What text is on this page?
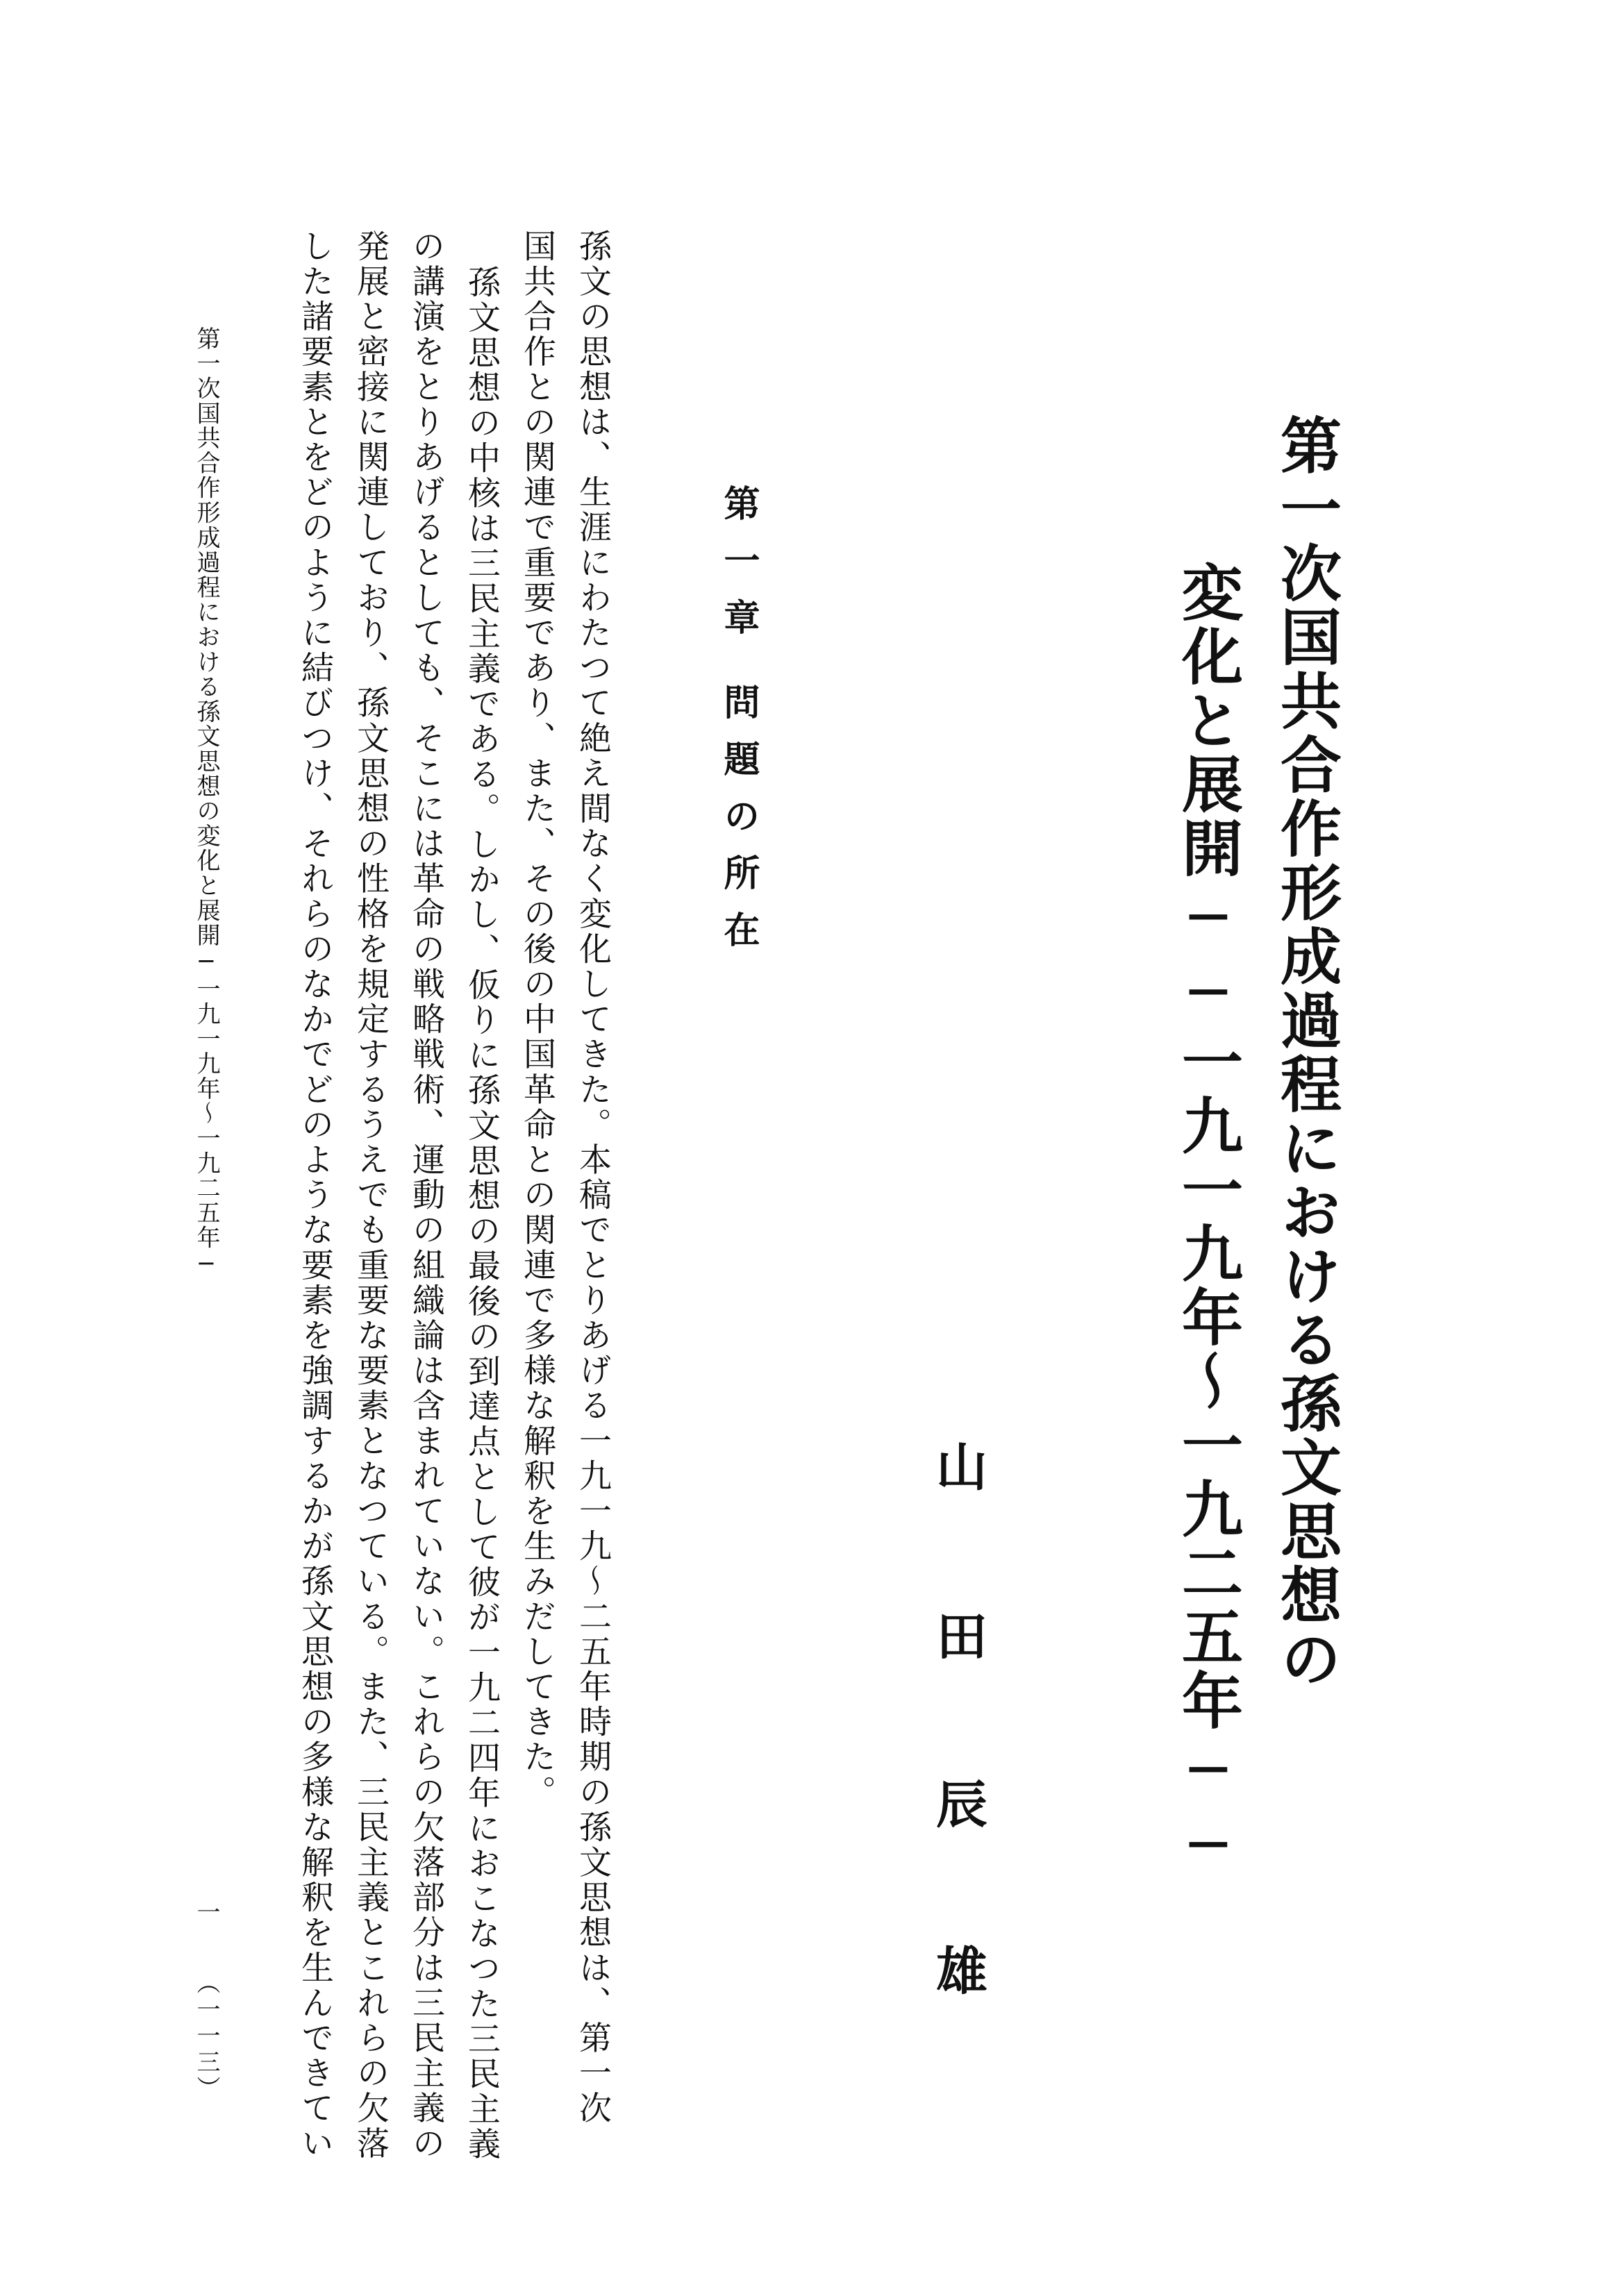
第一次国共合作形成過程における孫文思想の
変化と展開──一九一九年〜一九二五年──
山
田
辰
雄
第一章問題の所在

孫文の思想は、生涯にわたつて絶え間なく変化してきた。本稿でとりあげる一九一九〜二五年時期の孫文思想は、第一次

国共合作との関連で重要であり、また、その後の中国革命との関連で多様な解釈を生みだしてきた。

孫文思想の中核は三民主義である。しかし、仮りに孫文思想の最後の到達点として彼が一九二四年におこなつた三民主義

の講演をとりあげるとしても、そこには革命の戦略戦術、運動の組織論は含まれていない。これらの欠落部分は三民主義の

発展と密接に関連しており、孫文思想の性格を規定するうえでも重要な要素となつている。また、三民主義とこれらの欠落

した諸要素とをどのように結びつけ、それらのなかでどのような要素を強調するかが孫文思想の多様な解釈を生んできてい

第一次国共合作形成過程における孫文思想の変化と展開─一九一九年〜一九二五年─
一
（一一三）
